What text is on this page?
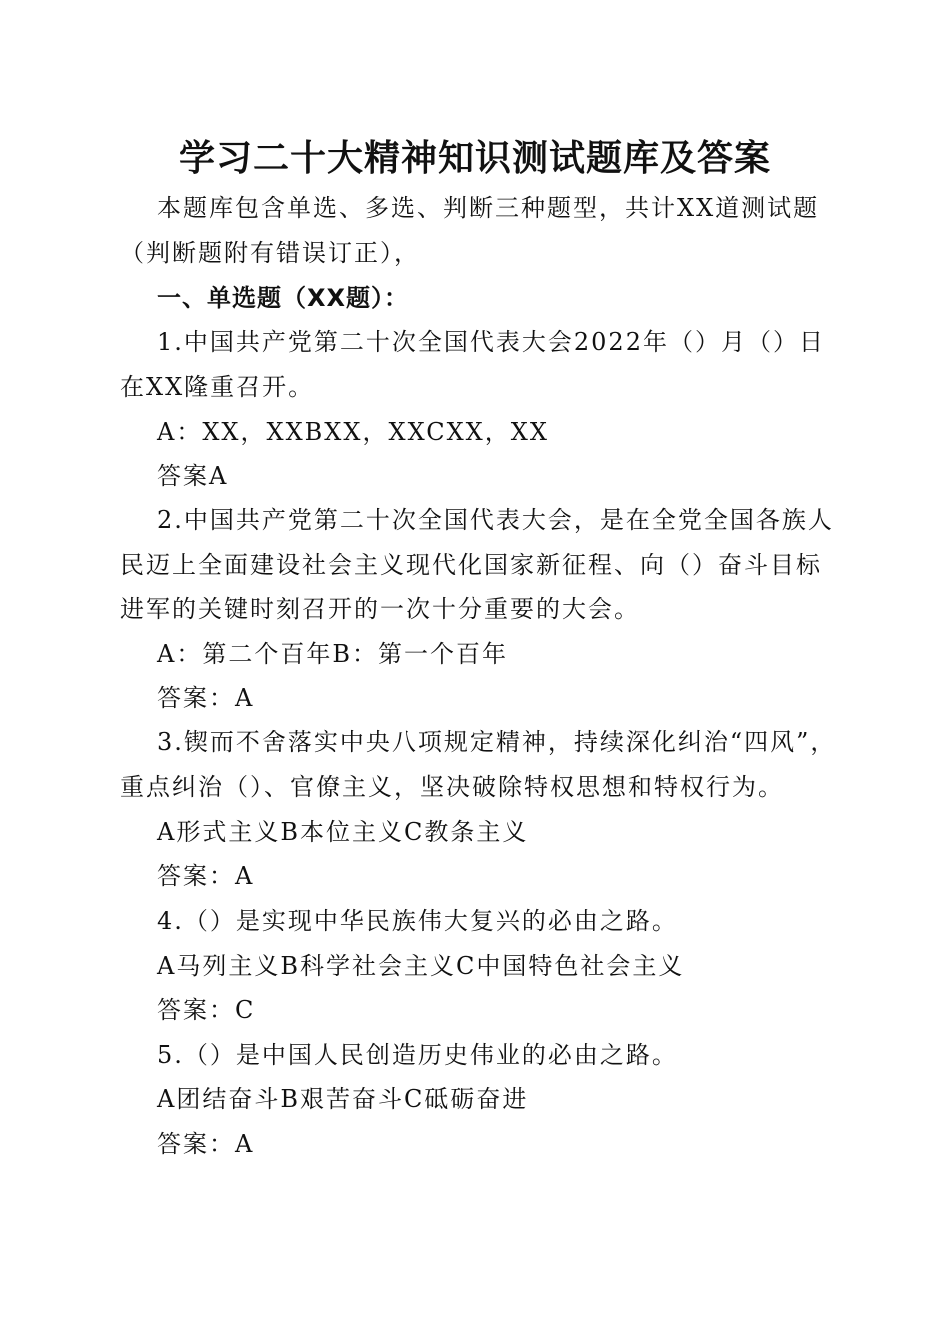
学习二十大精神知识测试题库及答案
本题库包含单选、多选、判断三种题型，共计XX道测试题
（判断题附有错误订正），
一、单选题（XX题）：
1.中国共产党第二十次全国代表大会2022年（）月（）日
在XX隆重召开。
A：XX，XXBXX，XXCXX，XX
答案A
2.中国共产党第二十次全国代表大会，是在全党全国各族人
民迈上全面建设社会主义现代化国家新征程、向（）奋斗目标
进军的关键时刻召开的一次十分重要的大会。
A：第二个百年B：第一个百年
答案：A
3.锲而不舍落实中央八项规定精神，持续深化纠治“四风”，
重点纠治（）、官僚主义，坚决破除特权思想和特权行为。
A形式主义B本位主义C教条主义
答案：A
4.（）是实现中华民族伟大复兴的必由之路。
A马列主义B科学社会主义C中国特色社会主义
答案：C
5.（）是中国人民创造历史伟业的必由之路。
A团结奋斗B艰苦奋斗C砥砺奋进
答案：A
